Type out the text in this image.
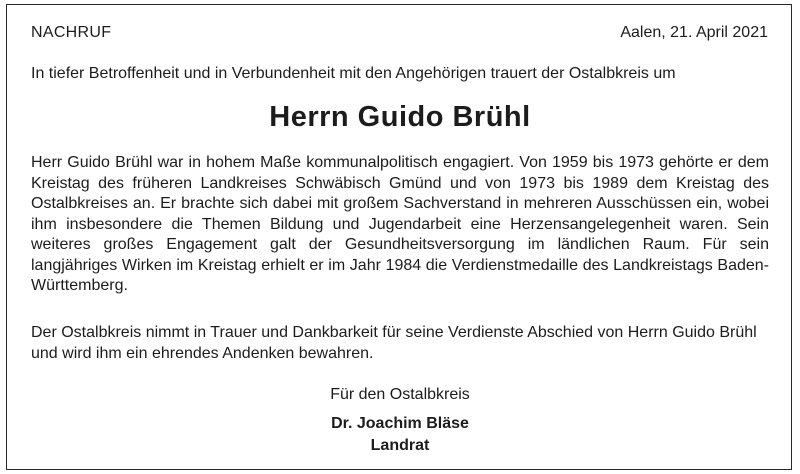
NACHRUF	Aalen, 21. April 2021
In tiefer Betroffenheit und in Verbundenheit mit den Angehörigen trauert der Ostalbkreis um
Herrn Guido Brühl
Herr Guido Brühl war in hohem Maße kommunalpolitisch engagiert. Von 1959 bis 1973 gehörte er dem Kreistag des früheren Landkreises Schwäbisch Gmünd und von 1973 bis 1989 dem Kreistag des Ostalbkreises an. Er brachte sich dabei mit großem Sachverstand in mehreren Ausschüssen ein, wobei ihm insbesondere die Themen Bildung und Jugendarbeit eine Herzensangelegenheit waren. Sein weiteres großes Engagement galt der Gesundheitsversorgung im ländlichen Raum. Für sein langjähriges Wirken im Kreistag erhielt er im Jahr 1984 die Verdienstmedaille des Landkreistags Baden-Württemberg.
Der Ostalbkreis nimmt in Trauer und Dankbarkeit für seine Verdienste Abschied von Herrn Guido Brühl und wird ihm ein ehrendes Andenken bewahren.
Für den Ostalbkreis
Dr. Joachim Bläse
Landrat
